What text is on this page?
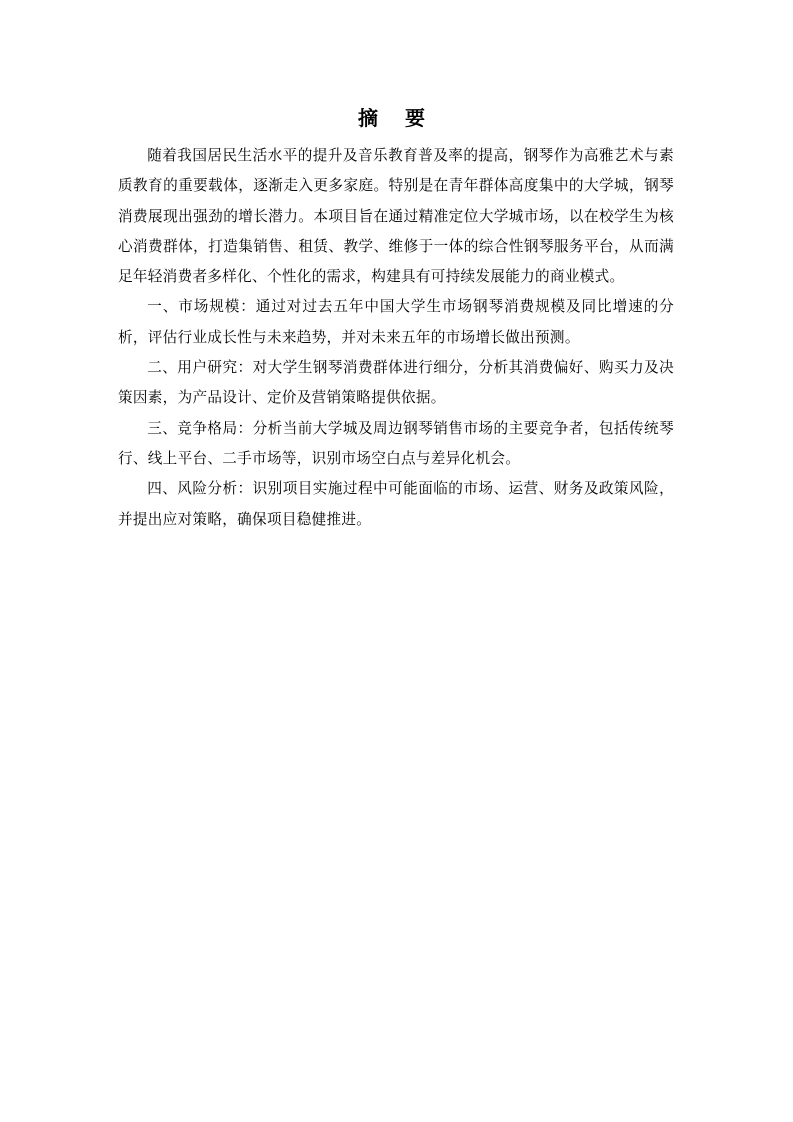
摘 要

随着我国居民生活水平的提升及音乐教育普及率的提高，钢琴作为高雅艺术与素质教育的重要载体，逐渐走入更多家庭。特别是在青年群体高度集中的大学城，钢琴消费展现出强劲的增长潜力。本项目旨在通过精准定位大学城市场，以在校学生为核心消费群体，打造集销售、租赁、教学、维修于一体的综合性钢琴服务平台，从而满足年轻消费者多样化、个性化的需求，构建具有可持续发展能力的商业模式。

一、市场规模：通过对过去五年中国大学生市场钢琴消费规模及同比增速的分析，评估行业成长性与未来趋势，并对未来五年的市场增长做出预测。

二、用户研究：对大学生钢琴消费群体进行细分，分析其消费偏好、购买力及决策因素，为产品设计、定价及营销策略提供依据。

三、竞争格局：分析当前大学城及周边钢琴销售市场的主要竞争者，包括传统琴行、线上平台、二手市场等，识别市场空白点与差异化机会。

四、风险分析：识别项目实施过程中可能面临的市场、运营、财务及政策风险，并提出应对策略，确保项目稳健推进。
